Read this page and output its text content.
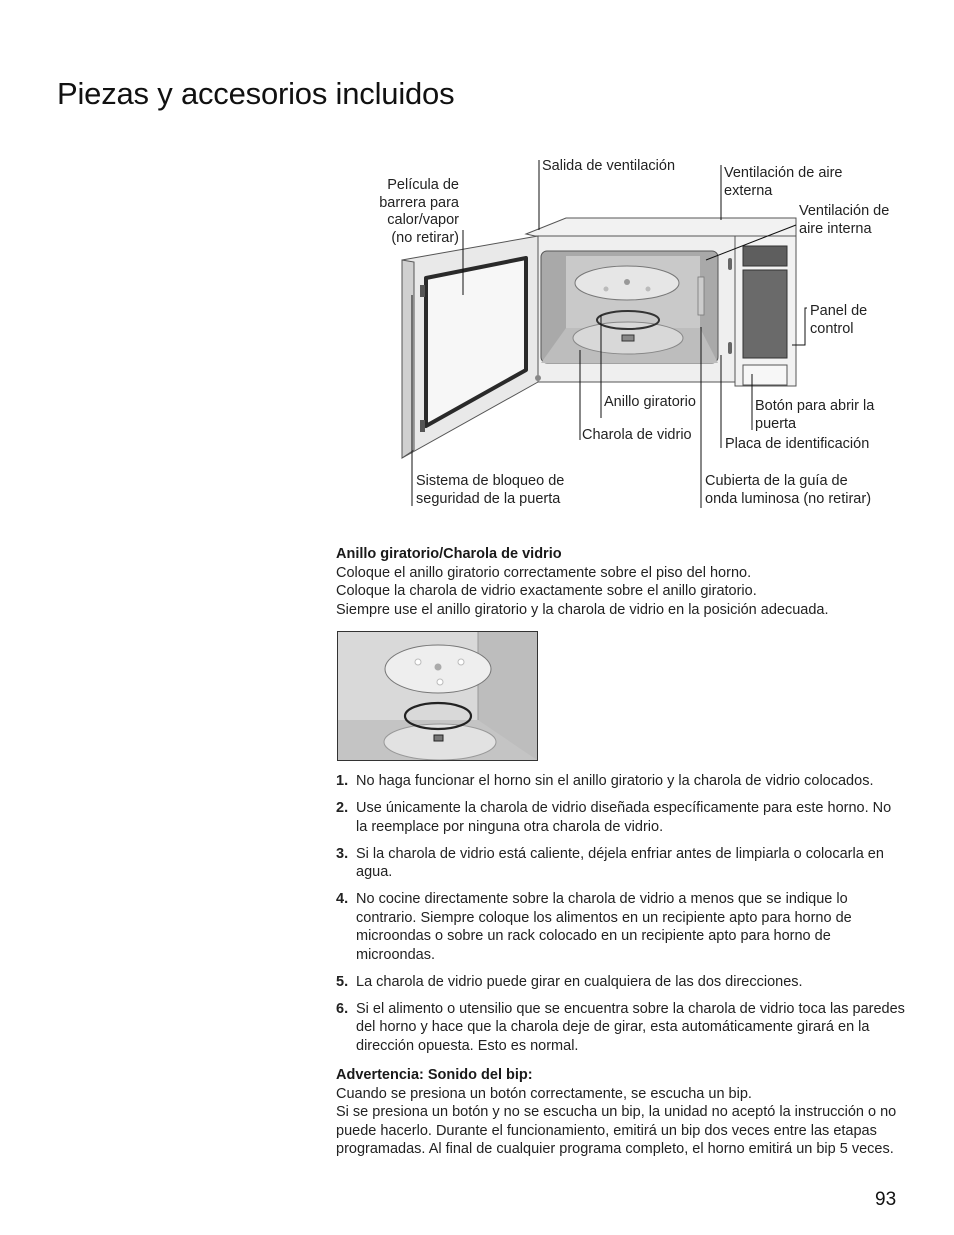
Piezas y accesorios incluidos
Película de
barrera para
calor/vapor
(no retirar)
Salida de ventilación	Ventilación de aire
externa
Ventilación de
aire interna
Panel de
control
Anillo giratorio
Charola de vidrio
Botón para abrir la
puerta
Placa de identificación
Sistema de bloqueo de
seguridad de la puerta
Cubierta de la guía de
onda luminosa (no retirar)
Anillo giratorio/Charola de vidrio
Coloque el anillo giratorio correctamente sobre el piso del horno.
Coloque la charola de vidrio exactamente sobre el anillo giratorio.
Siempre use el anillo giratorio y la charola de vidrio en la posición adecuada.
1. No haga funcionar el horno sin el anillo giratorio y la charola de vidrio colocados.
2. Use únicamente la charola de vidrio diseñada específicamente para este horno. No la reemplace por ninguna otra charola de vidrio.
3. Si la charola de vidrio está caliente, déjela enfriar antes de limpiarla o colocarla en agua.
4. No cocine directamente sobre la charola de vidrio a menos que se indique lo contrario. Siempre coloque los alimentos en un recipiente apto para horno de microondas o sobre un rack colocado en un recipiente apto para horno de microondas.
5. La charola de vidrio puede girar en cualquiera de las dos direcciones.
6. Si el alimento o utensilio que se encuentra sobre la charola de vidrio toca las paredes del horno y hace que la charola deje de girar, esta automáticamente girará en la dirección opuesta. Esto es normal.
Advertencia: Sonido del bip:
Cuando se presiona un botón correctamente, se escucha un bip.
Si se presiona un botón y no se escucha un bip, la unidad no aceptó la instrucción o no puede hacerlo. Durante el funcionamiento, emitirá un bip dos veces entre las etapas programadas. Al final de cualquier programa completo, el horno emitirá un bip 5 veces.
93
